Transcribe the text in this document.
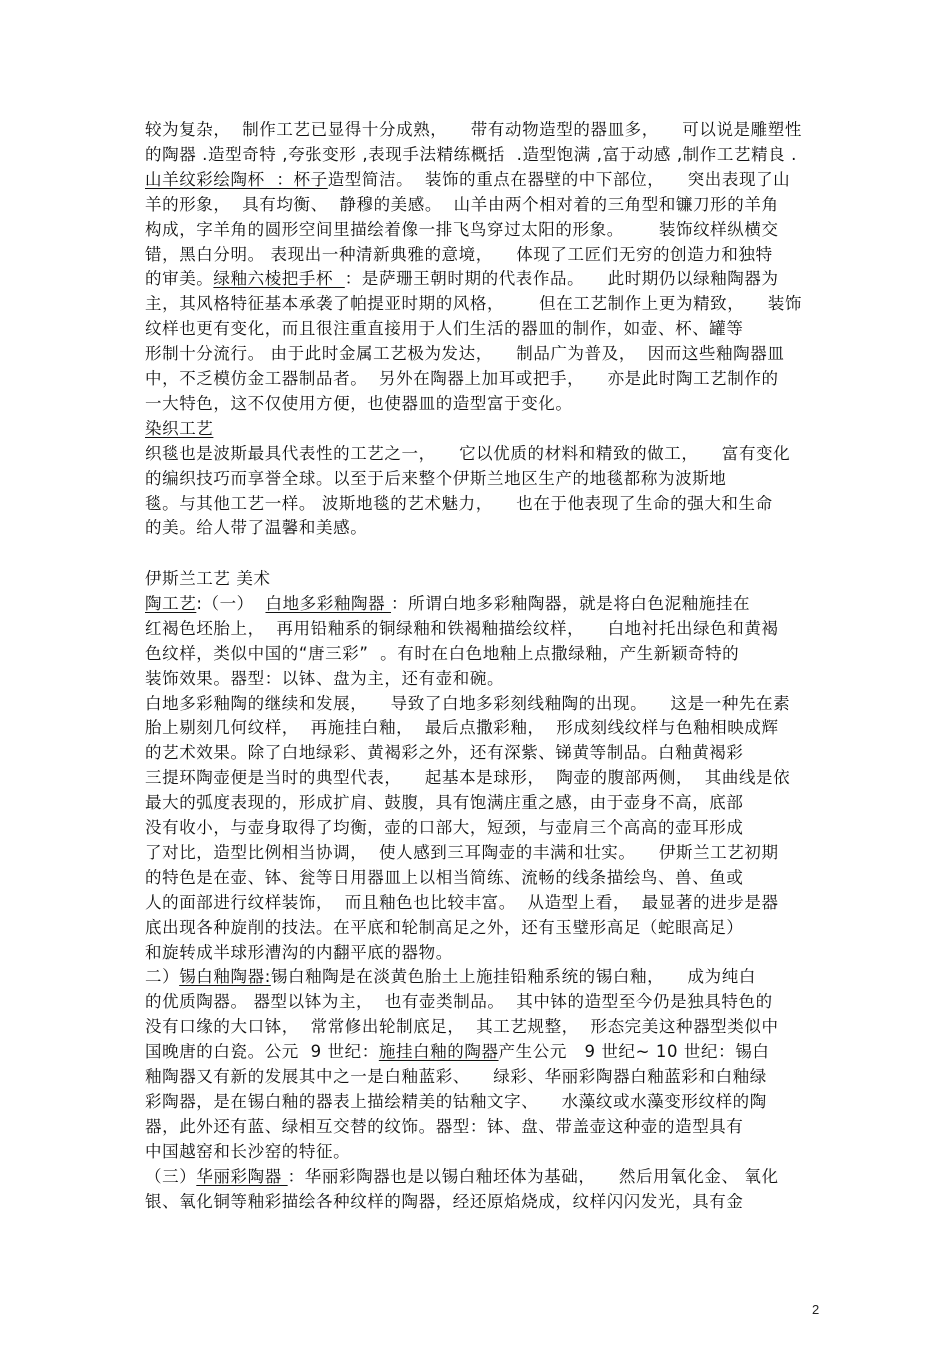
较为复杂，  制作工艺已显得十分成熟，    带有动物造型的器皿多，    可以说是雕塑性
的陶器 .造型奇特 ,夸张变形 ,表现手法精练概括  .造型饱满 ,富于动感 ,制作工艺精良 .
山羊纹彩绘陶杯  ：杯子造型简洁。  装饰的重点在器壁的中下部位，    突出表现了山
羊的形象，  具有均衡、  静穆的美感。  山羊由两个相对着的三角型和镰刀形的羊角
构成，字羊角的圆形空间里描绘着像一排飞鸟穿过太阳的形象。      装饰纹样纵横交
错，黑白分明。 表现出一种清新典雅的意境，    体现了工匠们无穷的创造力和独特
的审美。绿釉六棱把手杯  ：是萨珊王朝时期的代表作品。    此时期仍以绿釉陶器为
主，其风格特征基本承袭了帕提亚时期的风格，      但在工艺制作上更为精致，    装饰
纹样也更有变化，而且很注重直接用于人们生活的器皿的制作，如壶、杯、罐等
形制十分流行。 由于此时金属工艺极为发达，    制品广为普及，  因而这些釉陶器皿
中，不乏模仿金工器制品者。  另外在陶器上加耳或把手，    亦是此时陶工艺制作的
一大特色，这不仅使用方便，也使器皿的造型富于变化。
染织工艺
织毯也是波斯最具代表性的工艺之一，    它以优质的材料和精致的做工，    富有变化
的编织技巧而享誉全球。以至于后来整个伊斯兰地区生产的地毯都称为波斯地
毯。与其他工艺一样。 波斯地毯的艺术魅力，    也在于他表现了生命的强大和生命
的美。给人带了温馨和美感。
伊斯兰工艺 美术
陶工艺:（一）  白地多彩釉陶器 ：所谓白地多彩釉陶器，就是将白色泥釉施挂在
红褐色坯胎上，  再用铅釉系的铜绿釉和铁褐釉描绘纹样，    白地衬托出绿色和黄褐
色纹样，类似中国的“唐三彩”  。有时在白色地釉上点撒绿釉，产生新颖奇特的
装饰效果。器型：以钵、盘为主，还有壶和碗。
白地多彩釉陶的继续和发展，    导致了白地多彩刻线釉陶的出现。    这是一种先在素
胎上剔刻几何纹样，  再施挂白釉，  最后点撒彩釉，  形成刻线纹样与色釉相映成辉
的艺术效果。除了白地绿彩、黄褐彩之外，还有深紫、锑黄等制品。白釉黄褐彩
三提环陶壶便是当时的典型代表，    起基本是球形，  陶壶的腹部两侧，  其曲线是依
最大的弧度表现的，形成扩肩、鼓腹，具有饱满庄重之感，由于壶身不高，底部
没有收小，与壶身取得了均衡，壶的口部大，短颈，与壶肩三个高高的壶耳形成
了对比，造型比例相当协调，  使人感到三耳陶壶的丰满和壮实。    伊斯兰工艺初期
的特色是在壶、钵、瓮等日用器皿上以相当简练、流畅的线条描绘鸟、兽、鱼或
人的面部进行纹样装饰，  而且釉色也比较丰富。  从造型上看，  最显著的进步是器
底出现各种旋削的技法。在平底和轮制高足之外，还有玉璧形高足（蛇眼高足）
和旋转成半球形漕沟的内翻平底的器物。
二）锡白釉陶器:锡白釉陶是在淡黄色胎土上施挂铅釉系统的锡白釉，    成为纯白
的优质陶器。 器型以钵为主，  也有壶类制品。  其中钵的造型至今仍是独具特色的
没有口缘的大口钵，  常常修出轮制底足，  其工艺规整，  形态完美这种器型类似中
国晚唐的白瓷。公元  9 世纪：施挂白釉的陶器产生公元   9 世纪~ 10 世纪：锡白
釉陶器又有新的发展其中之一是白釉蓝彩、    绿彩、华丽彩陶器白釉蓝彩和白釉绿
彩陶器，是在锡白釉的器表上描绘精美的钴釉文字、    水藻纹或水藻变形纹样的陶
器，此外还有蓝、绿相互交替的纹饰。器型：钵、盘、带盖壶这种壶的造型具有
中国越窑和长沙窑的特征。
（三）华丽彩陶器 ：华丽彩陶器也是以锡白釉坯体为基础，    然后用氧化金、 氧化
银、氧化铜等釉彩描绘各种纹样的陶器，经还原焰烧成，纹样闪闪发光，具有金
2
